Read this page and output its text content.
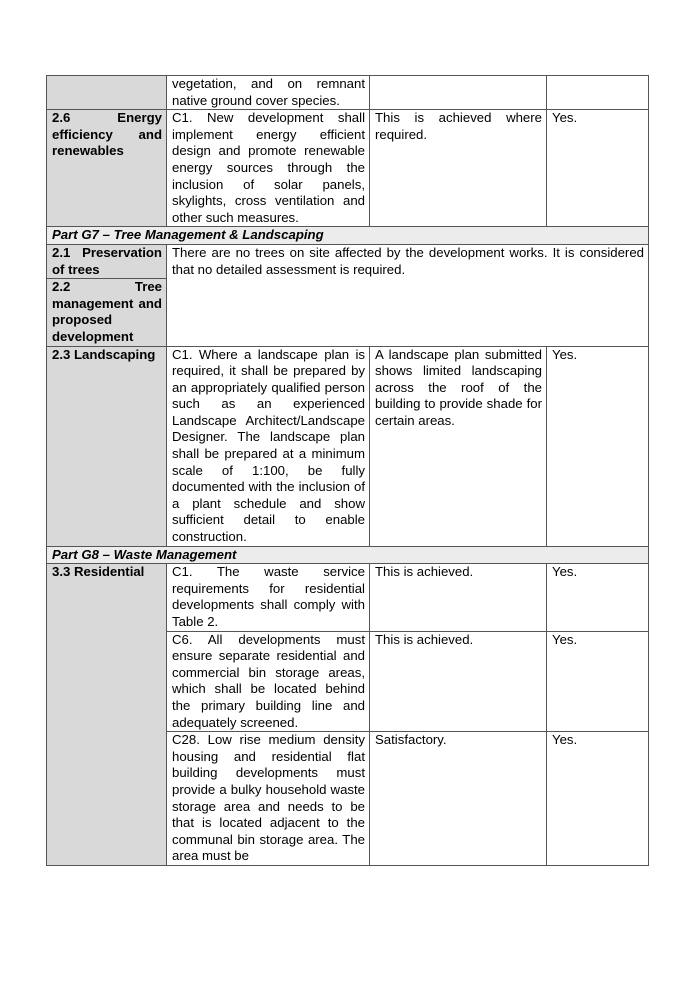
	vegetation, and on remnant native ground cover species.		
2.6 Energy efficiency and renewables	C1. New development shall implement energy efficient design and promote renewable energy sources through the inclusion of solar panels, skylights, cross ventilation and other such measures.	This is achieved where required.	Yes.
Part G7 – Tree Management & Landscaping			

2.1 Preservation of trees
2.2 Tree management and proposed development	There are no trees on site affected by the development works. It is considered that no detailed assessment is required.		
2.3 Landscaping	C1. Where a landscape plan is required, it shall be prepared by an appropriately qualified person such as an experienced Landscape Architect/Landscape Designer. The landscape plan shall be prepared at a minimum scale of 1:100, be fully documented with the inclusion of a plant schedule and show sufficient detail to enable construction.	A landscape plan submitted shows limited landscaping across the roof of the building to provide shade for certain areas.	Yes.
Part G8 – Waste Management			
3.3 Residential	C1. The waste service requirements for residential developments shall comply with Table 2.	This is achieved.	Yes.
	C6. All developments must ensure separate residential and commercial bin storage areas, which shall be located behind the primary building line and adequately screened.	This is achieved.	Yes.
	C28. Low rise medium density housing and residential flat building developments must provide a bulky household waste storage area and needs to be that is located adjacent to the communal bin storage area. The area must be	Satisfactory.	Yes.
